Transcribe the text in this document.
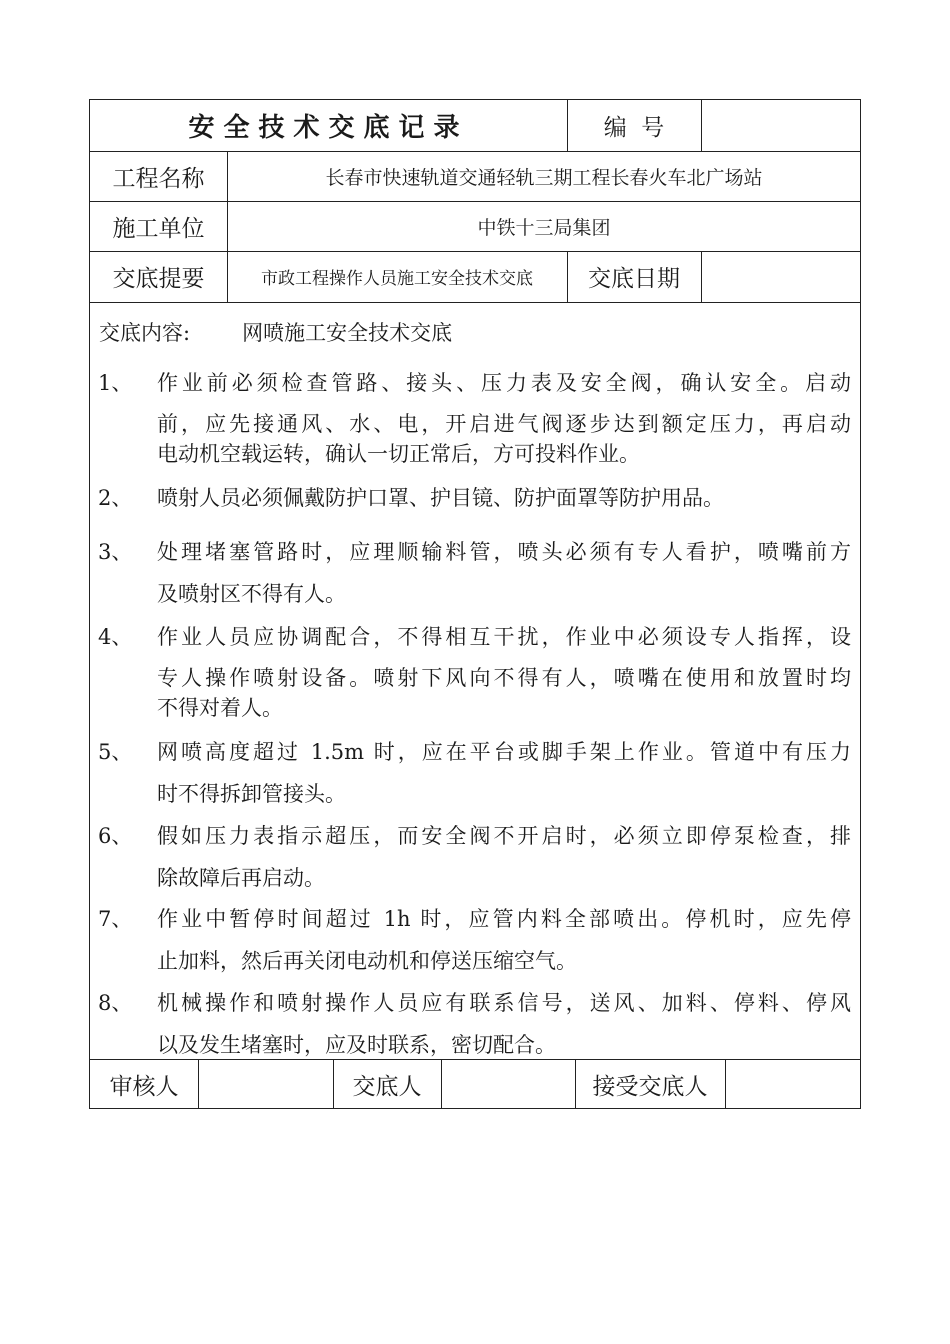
安全技术交底记录	编  号
工程名称	长春市快速轨道交通轻轨三期工程长春火车北广场站
施工单位	中铁十三局集团
交底提要	市政工程操作人员施工安全技术交底	交底日期
交底内容: 网喷施工安全技术交底
1、 作业前必须检查管路、接头、压力表及安全阀，确认安全。启动
前，应先接通风、水、电，开启进气阀逐步达到额定压力，再启动
电动机空载运转，确认一切正常后，方可投料作业。
2、 喷射人员必须佩戴防护口罩、护目镜、防护面罩等防护用品。
3、 处理堵塞管路时，应理顺输料管，喷头必须有专人看护，喷嘴前方
及喷射区不得有人。
4、 作业人员应协调配合，不得相互干扰，作业中必须设专人指挥，设
专人操作喷射设备。喷射下风向不得有人，喷嘴在使用和放置时均
不得对着人。
5、 网喷高度超过 1.5m 时，应在平台或脚手架上作业。管道中有压力
时不得拆卸管接头。
6、 假如压力表指示超压，而安全阀不开启时，必须立即停泵检查，排
除故障后再启动。
7、 作业中暂停时间超过 1h 时，应管内料全部喷出。停机时，应先停
止加料，然后再关闭电动机和停送压缩空气。
8、 机械操作和喷射操作人员应有联系信号，送风、加料、停料、停风
以及发生堵塞时，应及时联系，密切配合。
审核人	交底人	接受交底人
